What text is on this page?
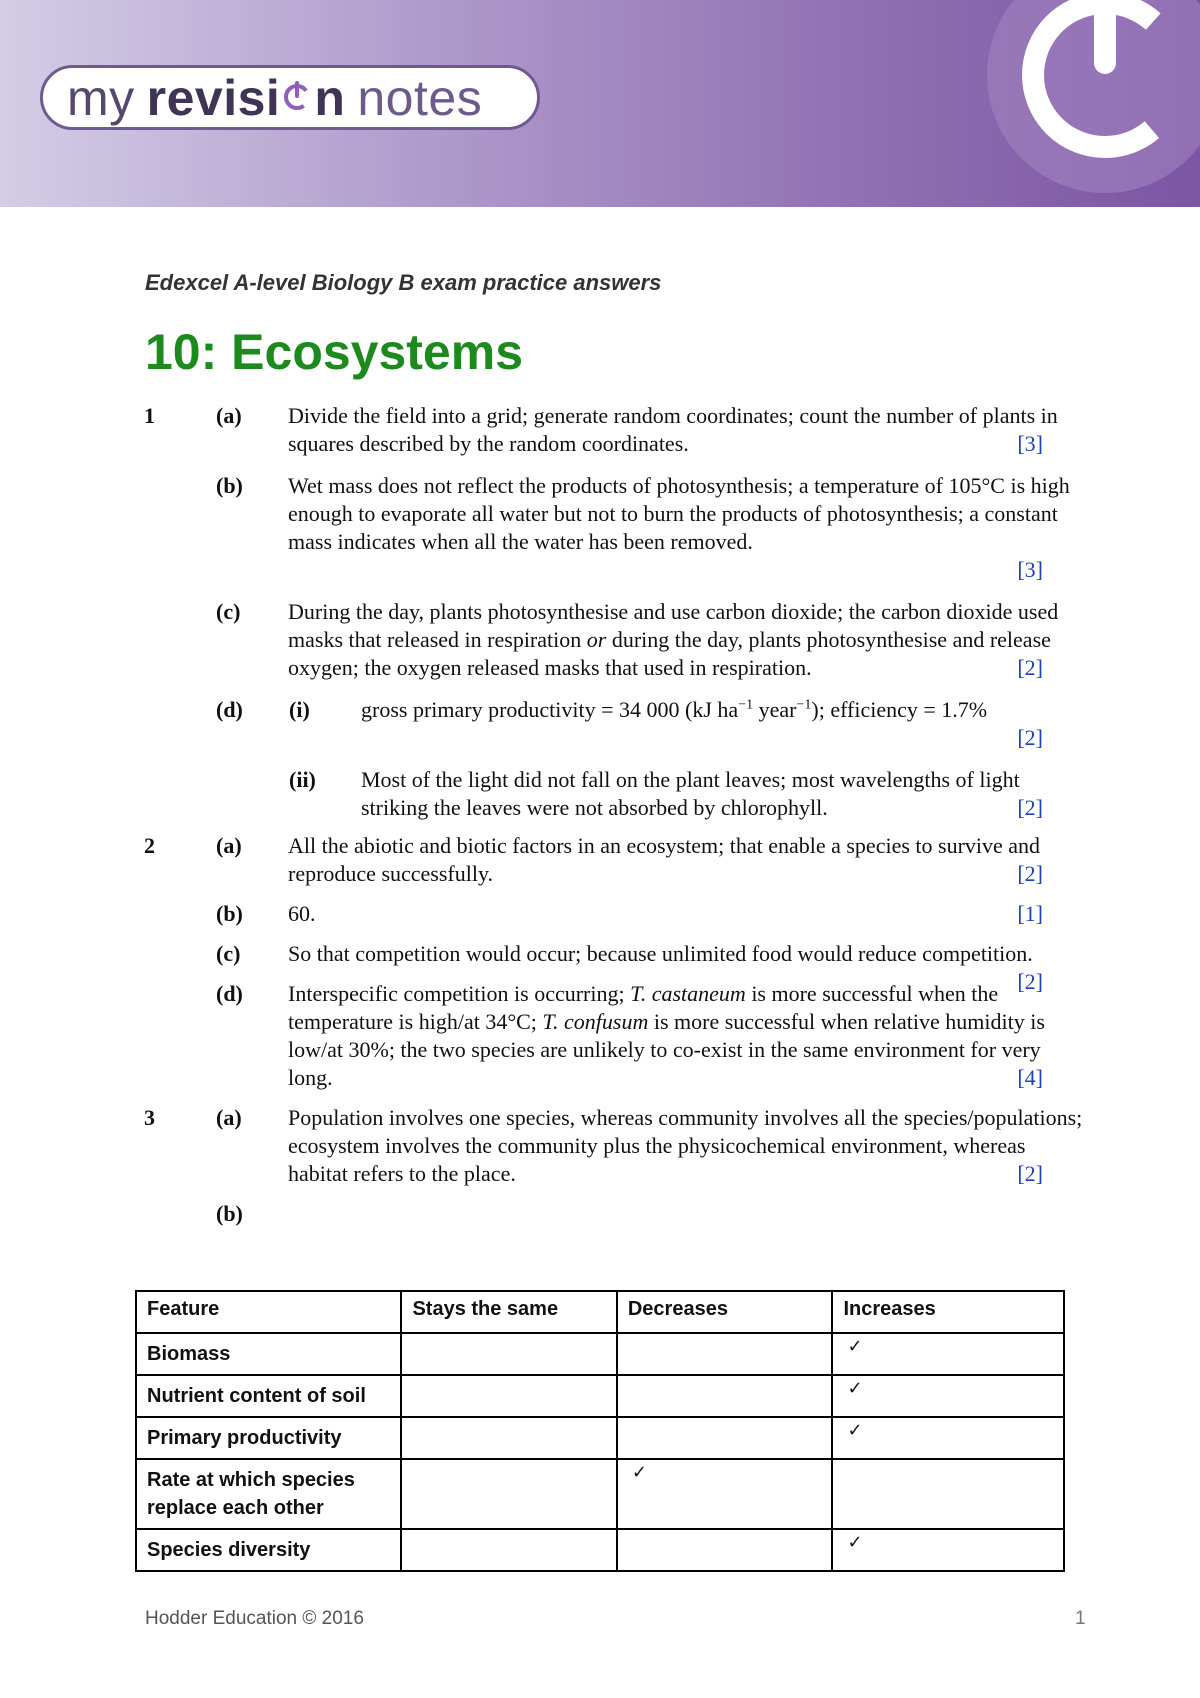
my revisi n notes
Edexcel A-level Biology B exam practice answers
10: Ecosystems
1	(a) Divide the field into a grid; generate random coordinates; count the number of plants in squares described by the random coordinates.	[3]
(b) Wet mass does not reflect the products of photosynthesis; a temperature of 105°C is high enough to evaporate all water but not to burn the products of photosynthesis; a constant mass indicates when all the water has been removed.
[3]
(c) During the day, plants photosynthesise and use carbon dioxide; the carbon dioxide used masks that released in respiration or during the day, plants photosynthesise and release oxygen; the oxygen released masks that used in respiration.	[2]
(d) (i) gross primary productivity = 34 000 (kJ $ha^{-1}$ year$^{-1}$); efficiency = 1.7%
[2]
(ii) Most of the light did not fall on the plant leaves; most wavelengths of light striking the leaves were not absorbed by chlorophyll.	[2]
2	(a) All the abiotic and biotic factors in an ecosystem; that enable a species to survive and reproduce successfully.	[2]
(b) 60.	[1]
(c) So that competition would occur; because unlimited food would reduce competition.
[2]
(d) Interspecific competition is occurring; T. castaneum is more successful when the temperature is high/at 34°C; T. confusum is more successful when relative humidity is low/at 30%; the two species are unlikely to co-exist in the same environment for very long.	[4]
3	(a) Population involves one species, whereas community involves all the species/populations; ecosystem involves the community plus the physicochemical environment, whereas habitat refers to the place.	[2]
(b)
Feature	Stays the same	Decreases	Increases
Biomass			✓
Nutrient content of soil			✓
Primary productivity			✓
Rate at which species replace each other		✓	
Species diversity			✓
Hodder Education © 2016	1
